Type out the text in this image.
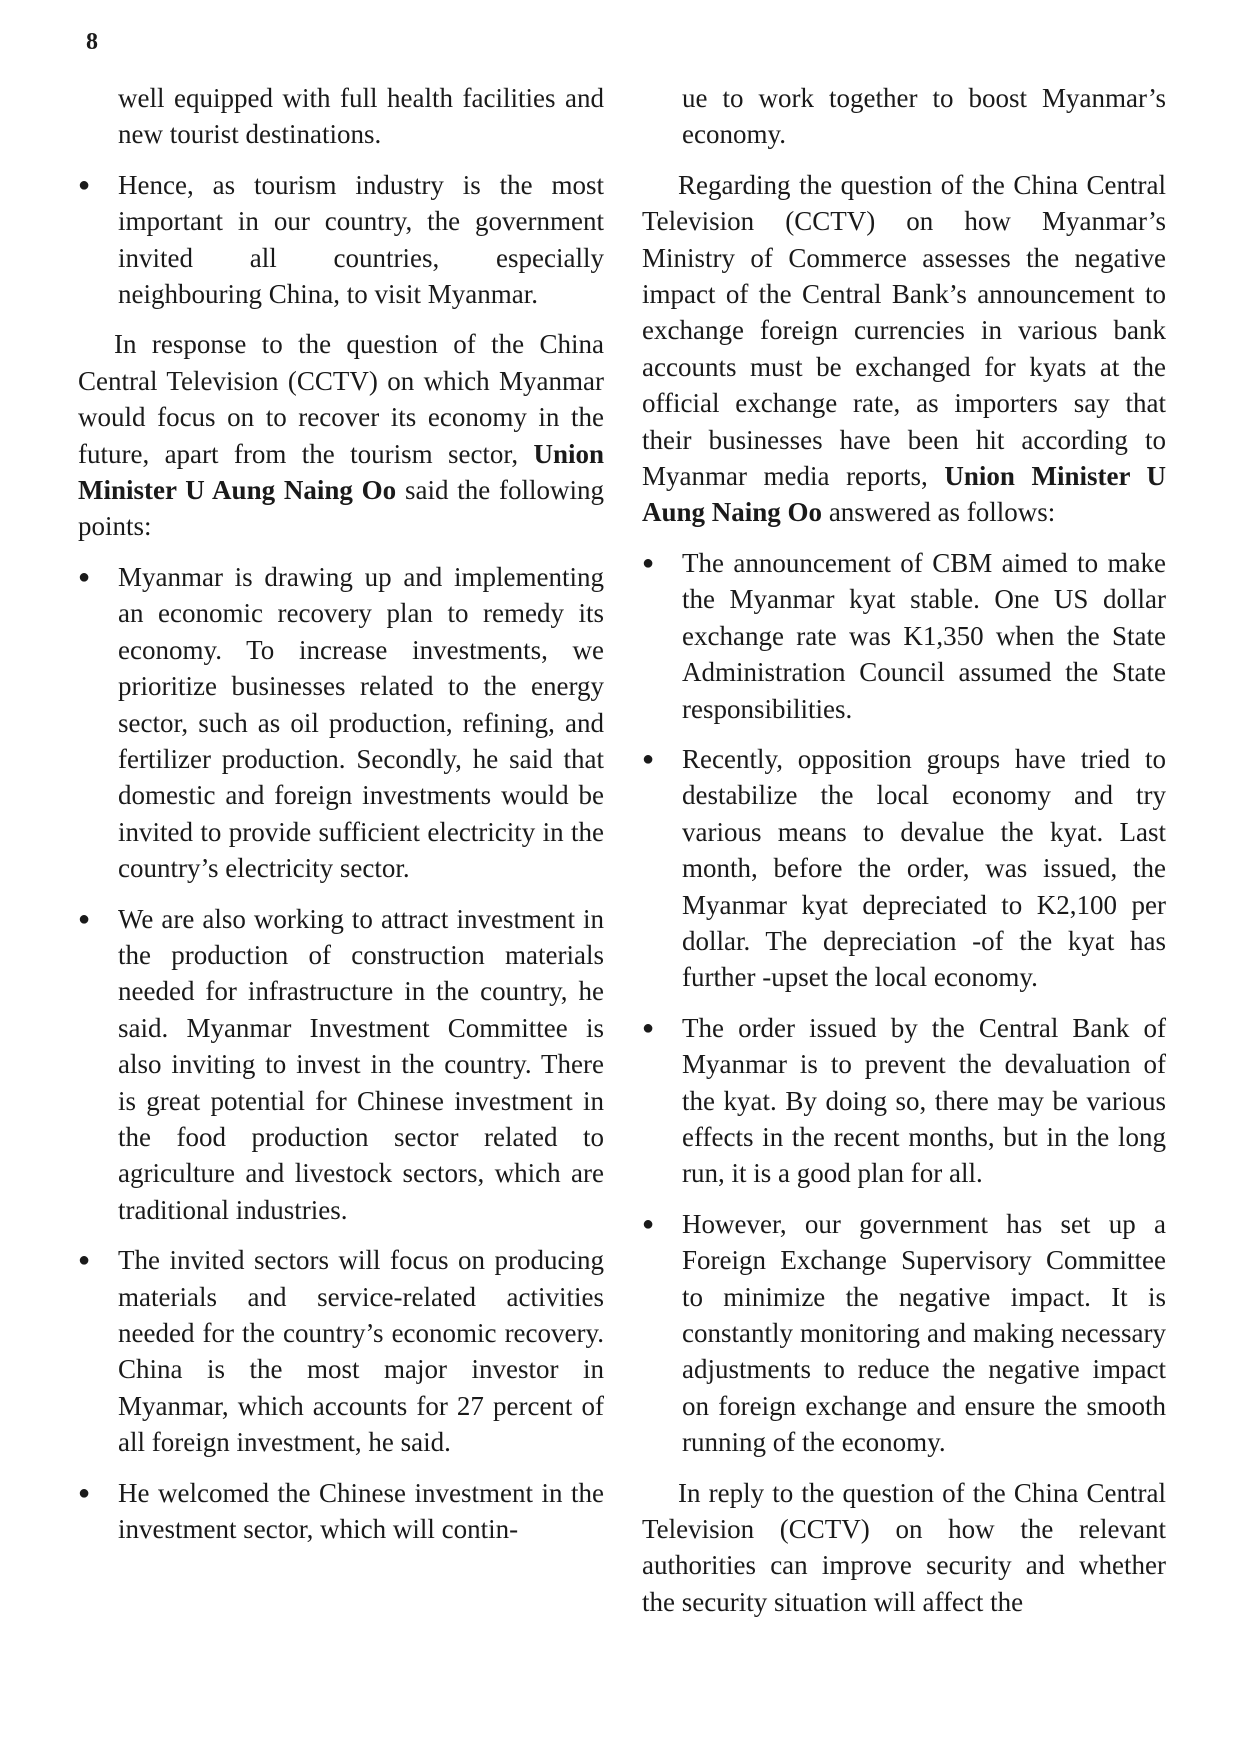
8

well equipped with full health facilities and new tourist destinations.

● Hence, as tourism industry is the most important in our country, the government invited all countries, especially neighbouring China, to visit Myanmar.

In response to the question of the China Central Television (CCTV) on which Myanmar would focus on to recover its economy in the future, apart from the tourism sector, Union Minister U Aung Naing Oo said the following points:

● Myanmar is drawing up and implementing an economic recovery plan to remedy its economy. To increase investments, we prioritize businesses related to the energy sector, such as oil production, refining, and fertilizer production. Secondly, he said that domestic and foreign investments would be invited to provide sufficient electricity in the country’s electricity sector.
● We are also working to attract investment in the production of construction materials needed for infrastructure in the country, he said. Myanmar Investment Committee is also inviting to invest in the country. There is great potential for Chinese investment in the food production sector related to agriculture and livestock sectors, which are traditional industries.
● The invited sectors will focus on producing materials and service-related activities needed for the country’s economic recovery. China is the most major investor in Myanmar, which accounts for 27 percent of all foreign investment, he said.
● He welcomed the Chinese investment in the investment sector, which will contin-

ue to work together to boost Myanmar’s economy.

Regarding the question of the China Central Television (CCTV) on how Myanmar’s Ministry of Commerce assesses the negative impact of the Central Bank’s announcement to exchange foreign currencies in various bank accounts must be exchanged for kyats at the official exchange rate, as importers say that their businesses have been hit according to Myanmar media reports, Union Minister U Aung Naing Oo answered as follows:

● The announcement of CBM aimed to make the Myanmar kyat stable. One US dollar exchange rate was K1,350 when the State Administration Council assumed the State responsibilities.
● Recently, opposition groups have tried to destabilize the local economy and try various means to devalue the kyat. Last month, before the order, was issued, the Myanmar kyat depreciated to K2,100 per dollar. The depreciation -of the kyat has further -upset the local economy.
● The order issued by the Central Bank of Myanmar is to prevent the devaluation of the kyat. By doing so, there may be various effects in the recent months, but in the long run, it is a good plan for all.
● However, our government has set up a Foreign Exchange Supervisory Committee to minimize the negative impact. It is constantly monitoring and making necessary adjustments to reduce the negative impact on foreign exchange and ensure the smooth running of the economy.

In reply to the question of the China Central Television (CCTV) on how the relevant authorities can improve security and whether the security situation will affect the
